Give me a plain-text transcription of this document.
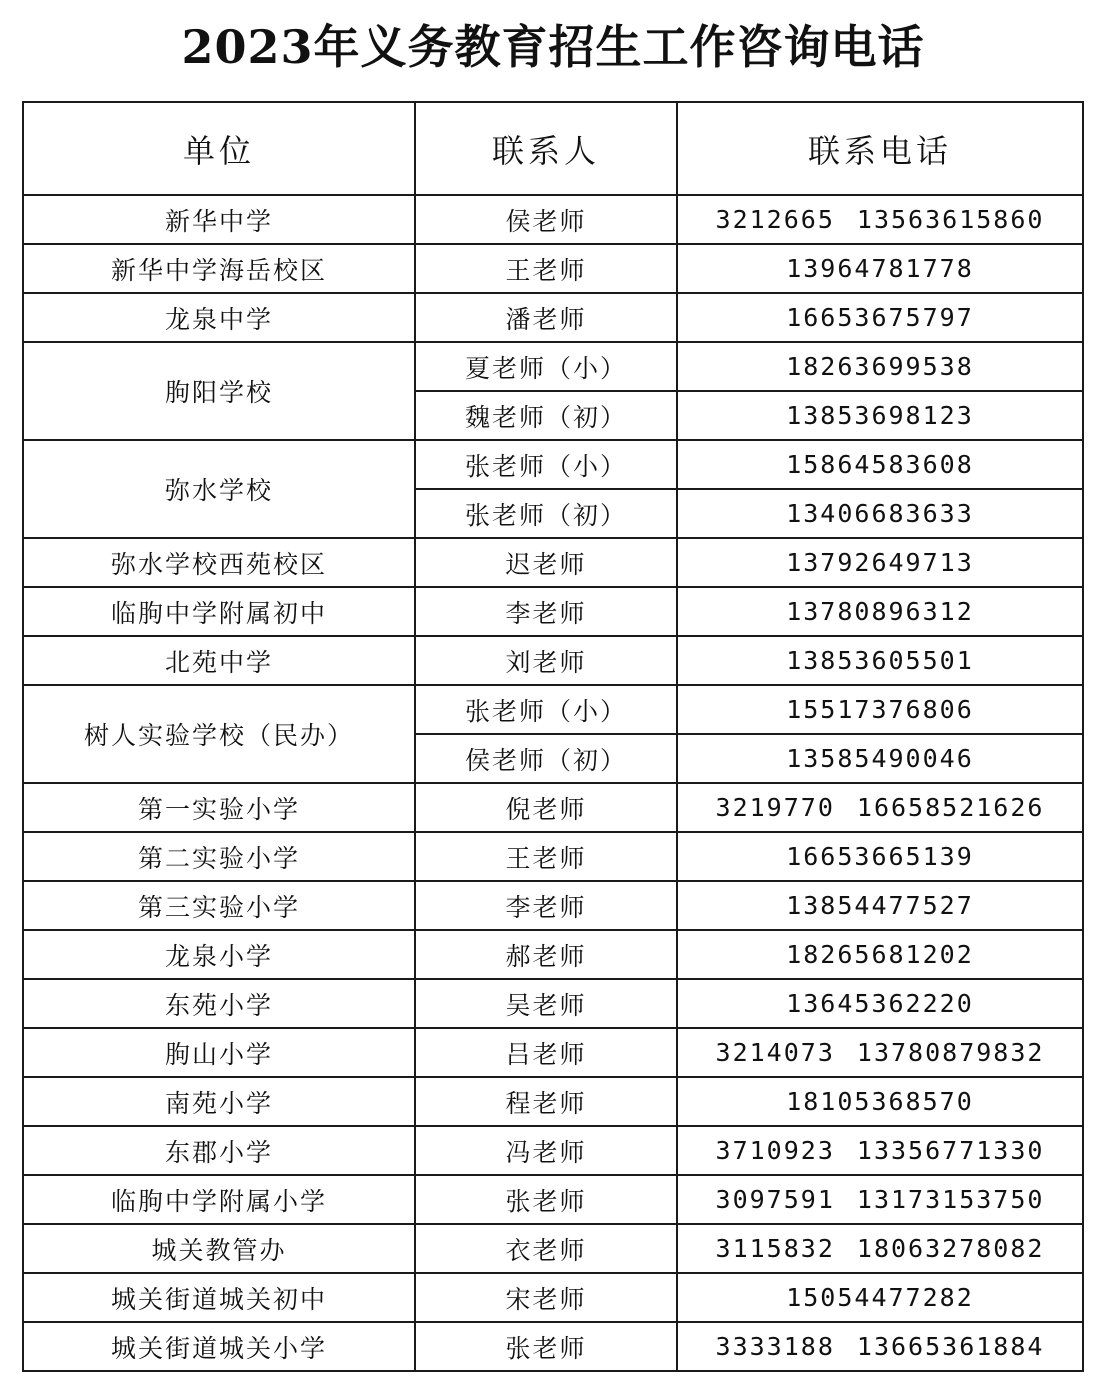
2023年义务教育招生工作咨询电话
单位	联系人	联系电话
新华中学	侯老师	3212665 13563615860
新华中学海岳校区	王老师	13964781778
龙泉中学	潘老师	16653675797
朐阳学校	夏老师（小）	18263699538
	魏老师（初）	13853698123
弥水学校	张老师（小）	15864583608
	张老师（初）	13406683633
弥水学校西苑校区	迟老师	13792649713
临朐中学附属初中	李老师	13780896312
北苑中学	刘老师	13853605501
树人实验学校（民办）	张老师（小）	15517376806
	侯老师（初）	13585490046
第一实验小学	倪老师	3219770 16658521626
第二实验小学	王老师	16653665139
第三实验小学	李老师	13854477527
龙泉小学	郝老师	18265681202
东苑小学	吴老师	13645362220
朐山小学	吕老师	3214073 13780879832
南苑小学	程老师	18105368570
东郡小学	冯老师	3710923 13356771330
临朐中学附属小学	张老师	3097591 13173153750
城关教管办	衣老师	3115832 18063278082
城关街道城关初中	宋老师	15054477282
城关街道城关小学	张老师	3333188 13665361884
